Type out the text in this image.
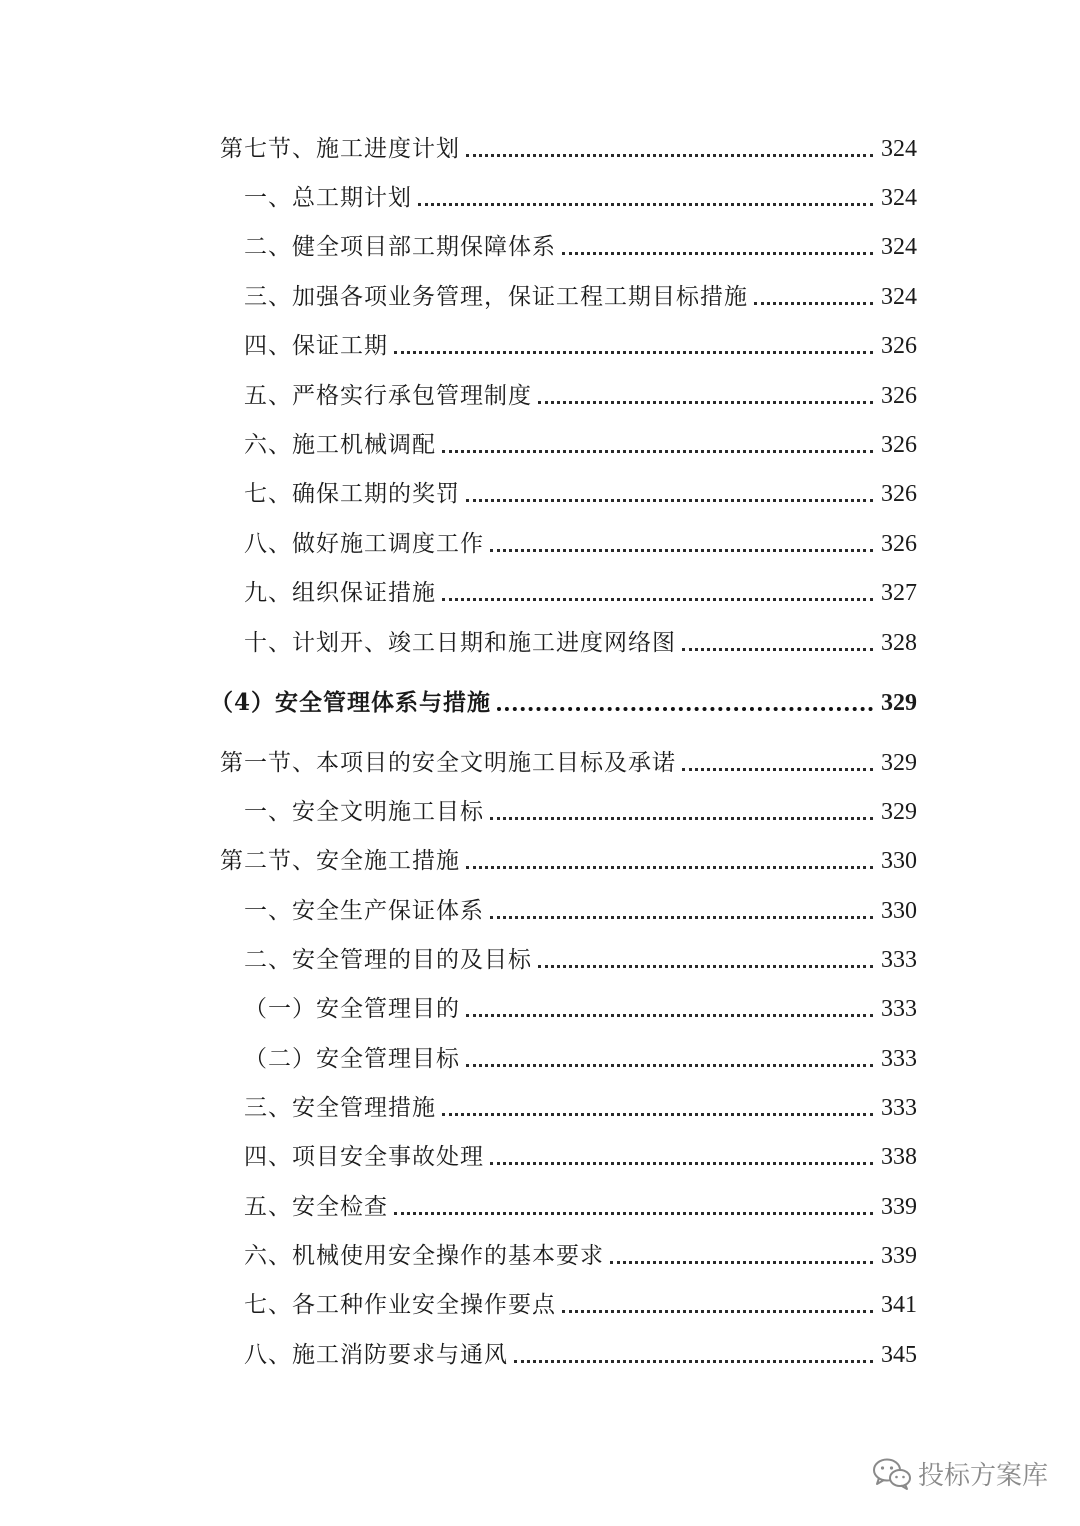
第七节、施工进度计划	324
一、总工期计划	324
二、健全项目部工期保障体系	324
三、加强各项业务管理，保证工程工期目标措施	324
四、保证工期	326
五、严格实行承包管理制度	326
六、施工机械调配	326
七、确保工期的奖罚	326
八、做好施工调度工作	326
九、组织保证措施	327
十、计划开、竣工日期和施工进度网络图	328
（4）安全管理体系与措施	329
第一节、本项目的安全文明施工目标及承诺	329
一、安全文明施工目标	329
第二节、安全施工措施	330
一、安全生产保证体系	330
二、安全管理的目的及目标	333
（一）安全管理目的	333
（二）安全管理目标	333
三、安全管理措施	333
四、项目安全事故处理	338
五、安全检查	339
六、机械使用安全操作的基本要求	339
七、各工种作业安全操作要点	341
八、施工消防要求与通风	345
投标方案库
